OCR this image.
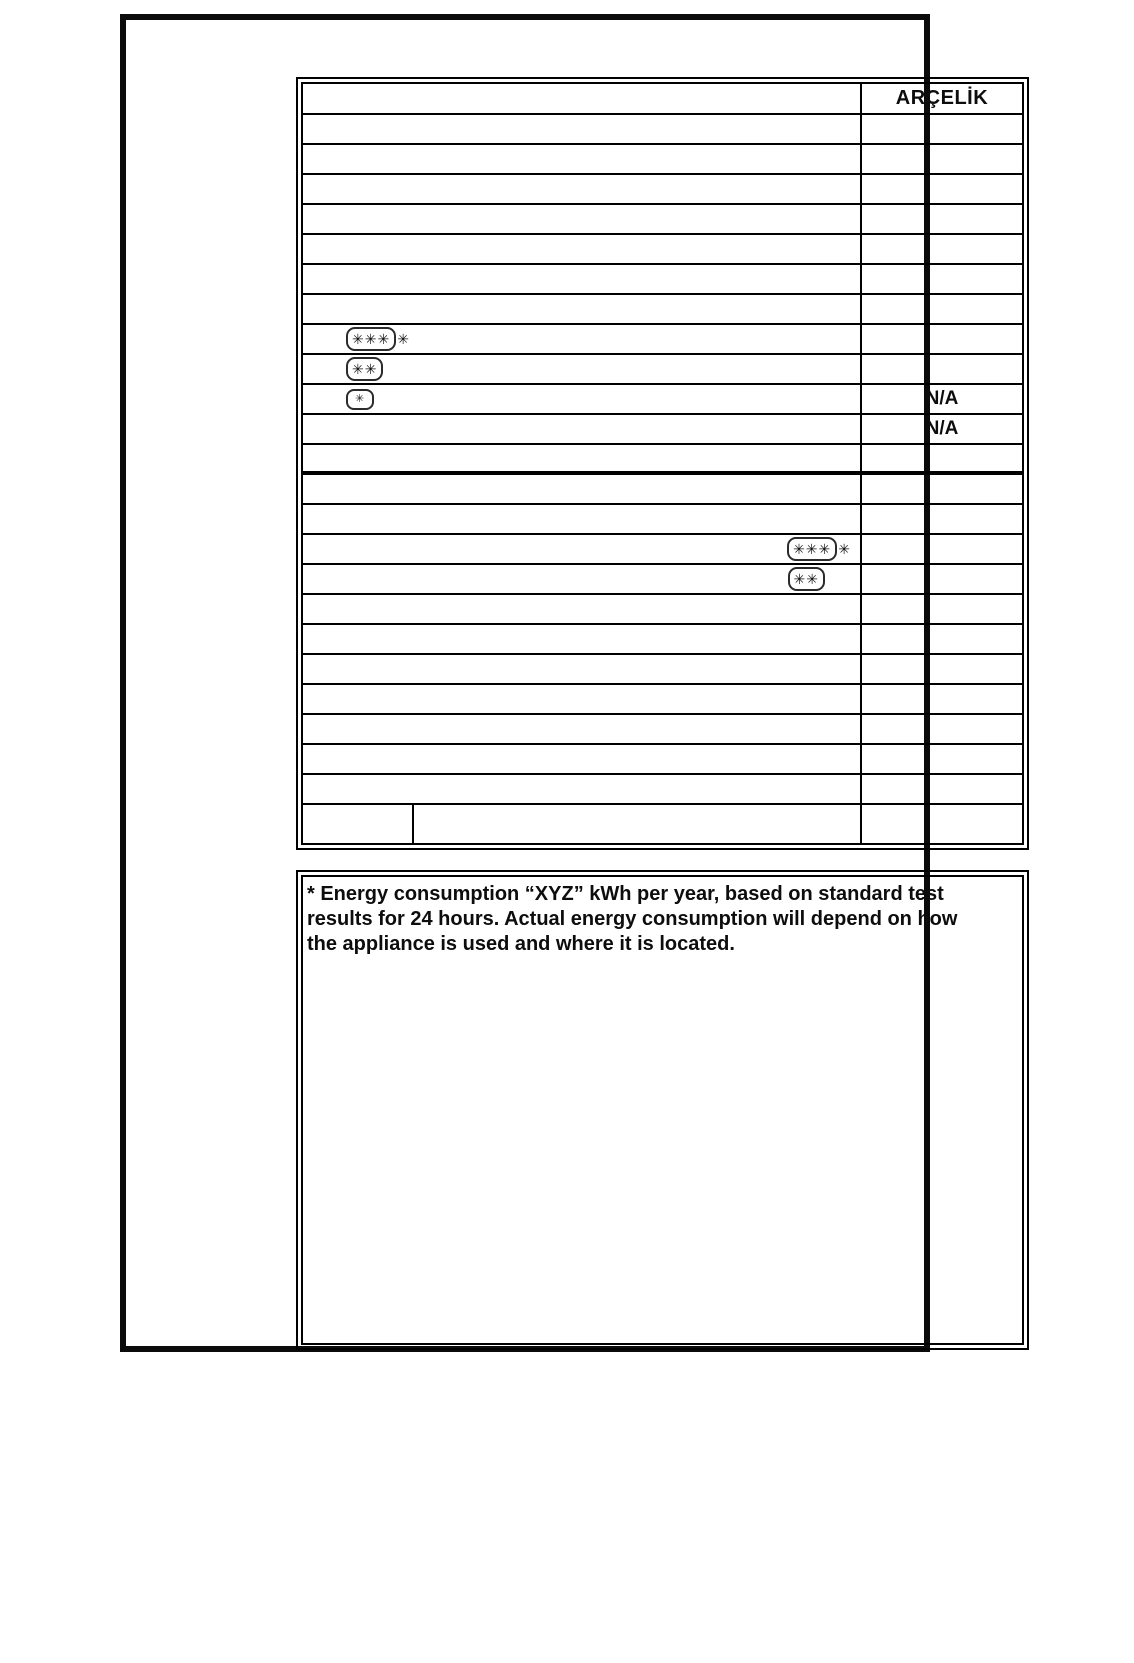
ARÇELİK
✳✳✳ ✳
✳✳
✳	N/A
N/A
✳✳✳ ✳
✳✳
* Energy consumption “XYZ” kWh per year, based on standard test
results for 24 hours. Actual energy consumption will depend on how
the appliance is used and where it is located.
